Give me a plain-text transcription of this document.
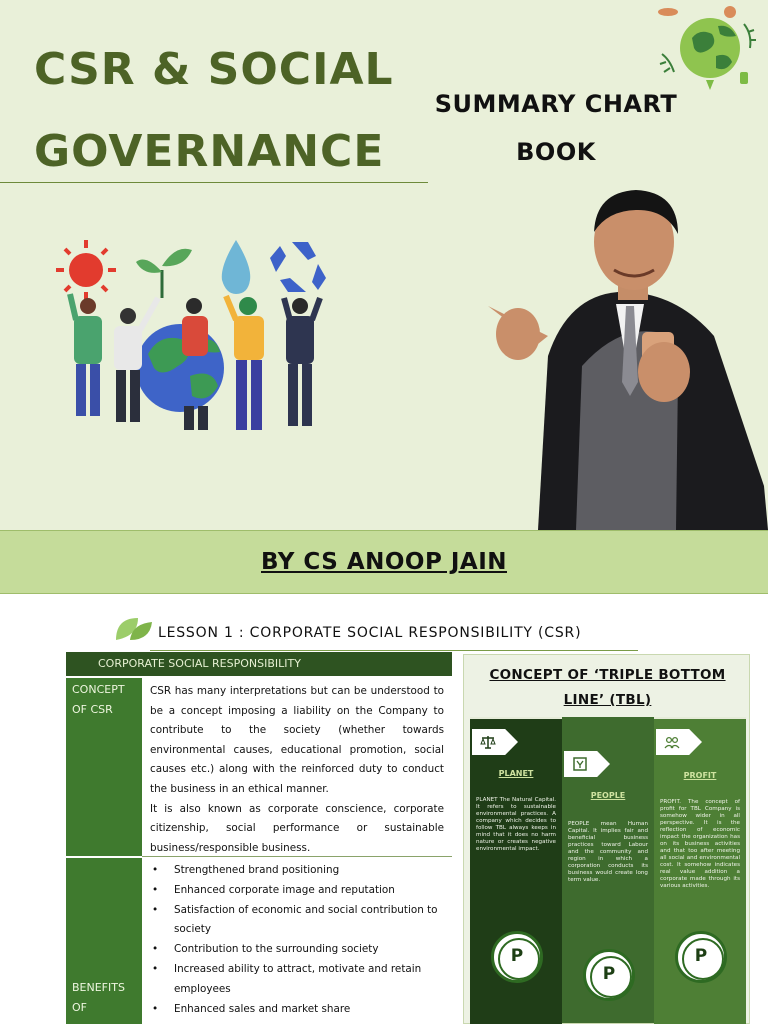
CSR & SOCIAL
GOVERNANCE
SUMMARY CHART
BOOK
BY CS ANOOP JAIN
LESSON 1 : CORPORATE SOCIAL RESPONSIBILITY (CSR)
CORPORATE SOCIAL RESPONSIBILITY
CONCEPT
OF CSR
BENEFITS
OF
CSR has many interpretations but can be understood to be a concept imposing a liability on the Company to contribute to the society (whether towards environmental causes, educational promotion, social causes etc.) along with the reinforced duty to conduct the business in an ethical manner.
It is also known as corporate conscience, corporate citizenship, social performance or sustainable business/responsible business.
• Strengthened brand positioning
• Enhanced corporate image and reputation
• Satisfaction of economic and social contribution to society
• Contribution to the surrounding society
• Increased ability to attract, motivate and retain employees
• Enhanced sales and market share
CONCEPT OF ‘TRIPLE BOTTOM
LINE’ (TBL)
PLANET
PLANET The Natural Capital. It refers to sustainable environmental practices. A company which decides to follow TBL always keeps in mind that it does no harm nature or creates negative environmental impact.
P
PEOPLE
PEOPLE mean Human Capital. It implies fair and beneficial business practices toward Labour and the community and region in which a corporation conducts its business would create long term value.
P
PROFIT
PROFIT. The concept of profit for TBL Company is somehow wider in all perspective. It is the reflection of economic impact the organization has on its business activities and that too after meeting all social and environmental cost. It somehow indicates real value addition a corporate made through its various activities.
P
